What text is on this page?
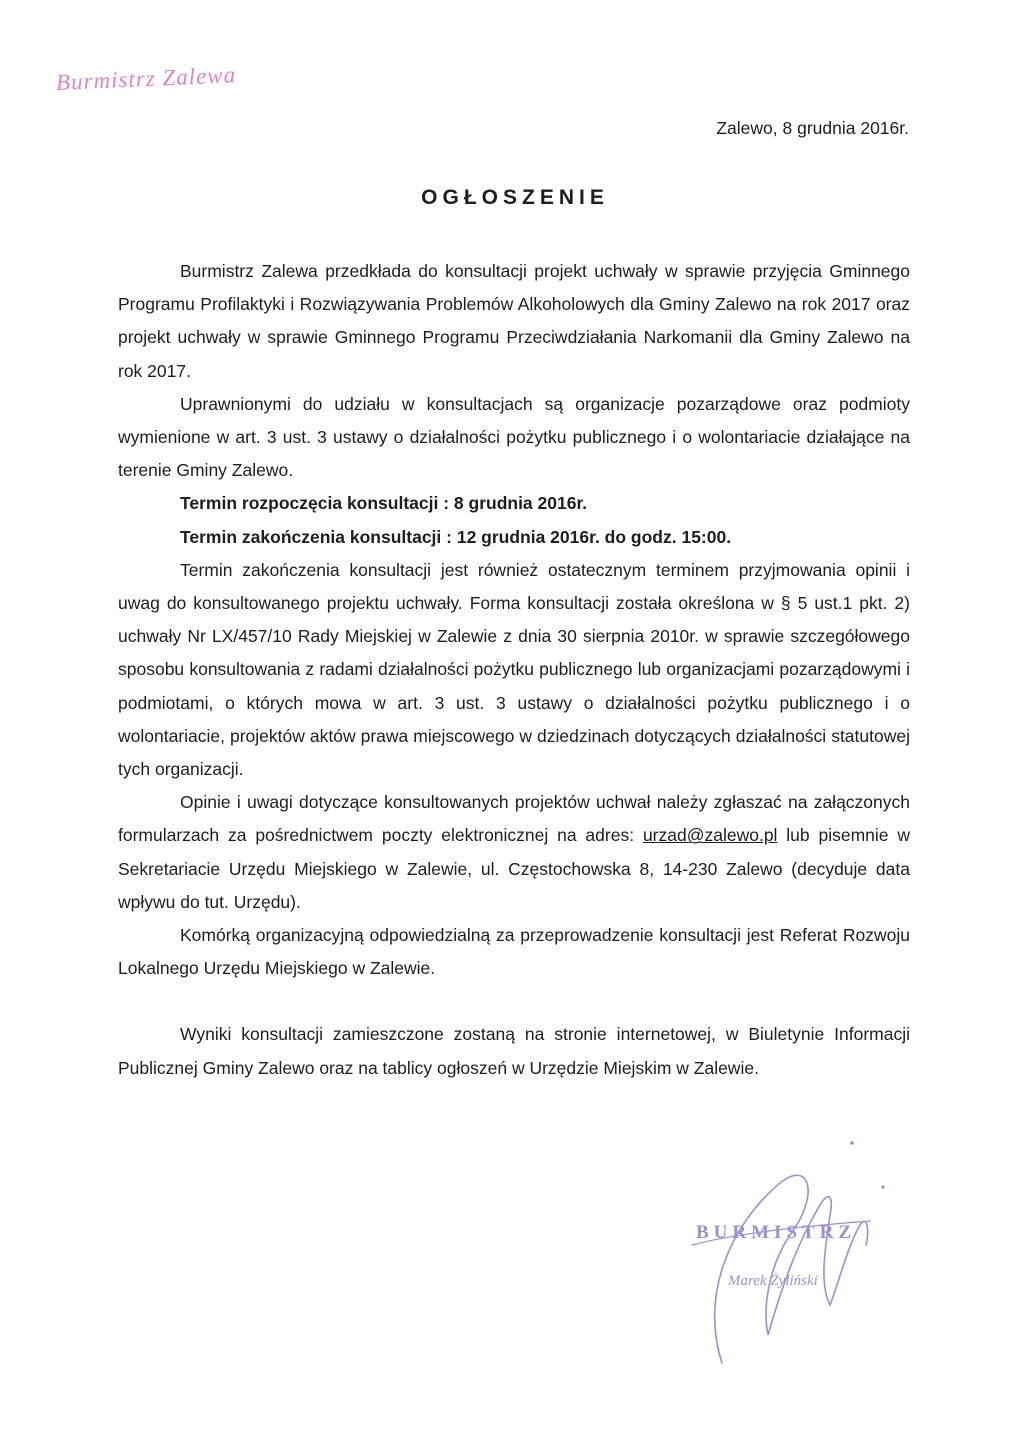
Burmistrz Zalewa
Zalewo, 8 grudnia 2016r.
OGŁOSZENIE

Burmistrz Zalewa przedkłada do konsultacji projekt uchwały w sprawie przyjęcia Gminnego Programu Profilaktyki i Rozwiązywania Problemów Alkoholowych dla Gminy Zalewo na rok 2017 oraz projekt uchwały w sprawie Gminnego Programu Przeciwdziałania Narkomanii dla Gminy Zalewo na rok 2017.

Uprawnionymi do udziału w konsultacjach są organizacje pozarządowe oraz podmioty wymienione w art. 3 ust. 3 ustawy o działalności pożytku publicznego i o wolontariacie działające na terenie Gminy Zalewo.

Termin rozpoczęcia konsultacji : 8 grudnia 2016r.

Termin zakończenia konsultacji : 12 grudnia 2016r. do godz. 15:00.

Termin zakończenia konsultacji jest również ostatecznym terminem przyjmowania opinii i uwag do konsultowanego projektu uchwały. Forma konsultacji została określona w § 5 ust.1 pkt. 2) uchwały Nr LX/457/10 Rady Miejskiej w Zalewie z dnia 30 sierpnia 2010r. w sprawie szczegółowego sposobu konsultowania z radami działalności pożytku publicznego lub organizacjami pozarządowymi i podmiotami, o których mowa w art. 3 ust. 3 ustawy o działalności pożytku publicznego i o wolontariacie, projektów aktów prawa miejscowego w dziedzinach dotyczących działalności statutowej tych organizacji.

Opinie i uwagi dotyczące konsultowanych projektów uchwał należy zgłaszać na załączonych formularzach za pośrednictwem poczty elektronicznej na adres: urzad@zalewo.pl lub pisemnie w Sekretariacie Urzędu Miejskiego w Zalewie, ul. Częstochowska 8, 14-230 Zalewo (decyduje data wpływu do tut. Urzędu).

Komórką organizacyjną odpowiedzialną za przeprowadzenie konsultacji jest Referat Rozwoju Lokalnego Urzędu Miejskiego w Zalewie.

Wyniki konsultacji zamieszczone zostaną na stronie internetowej, w Biuletynie Informacji Publicznej Gminy Zalewo oraz na tablicy ogłoszeń w Urzędzie Miejskim w Zalewie.

BURMISTRZ
Marek Żyliński
